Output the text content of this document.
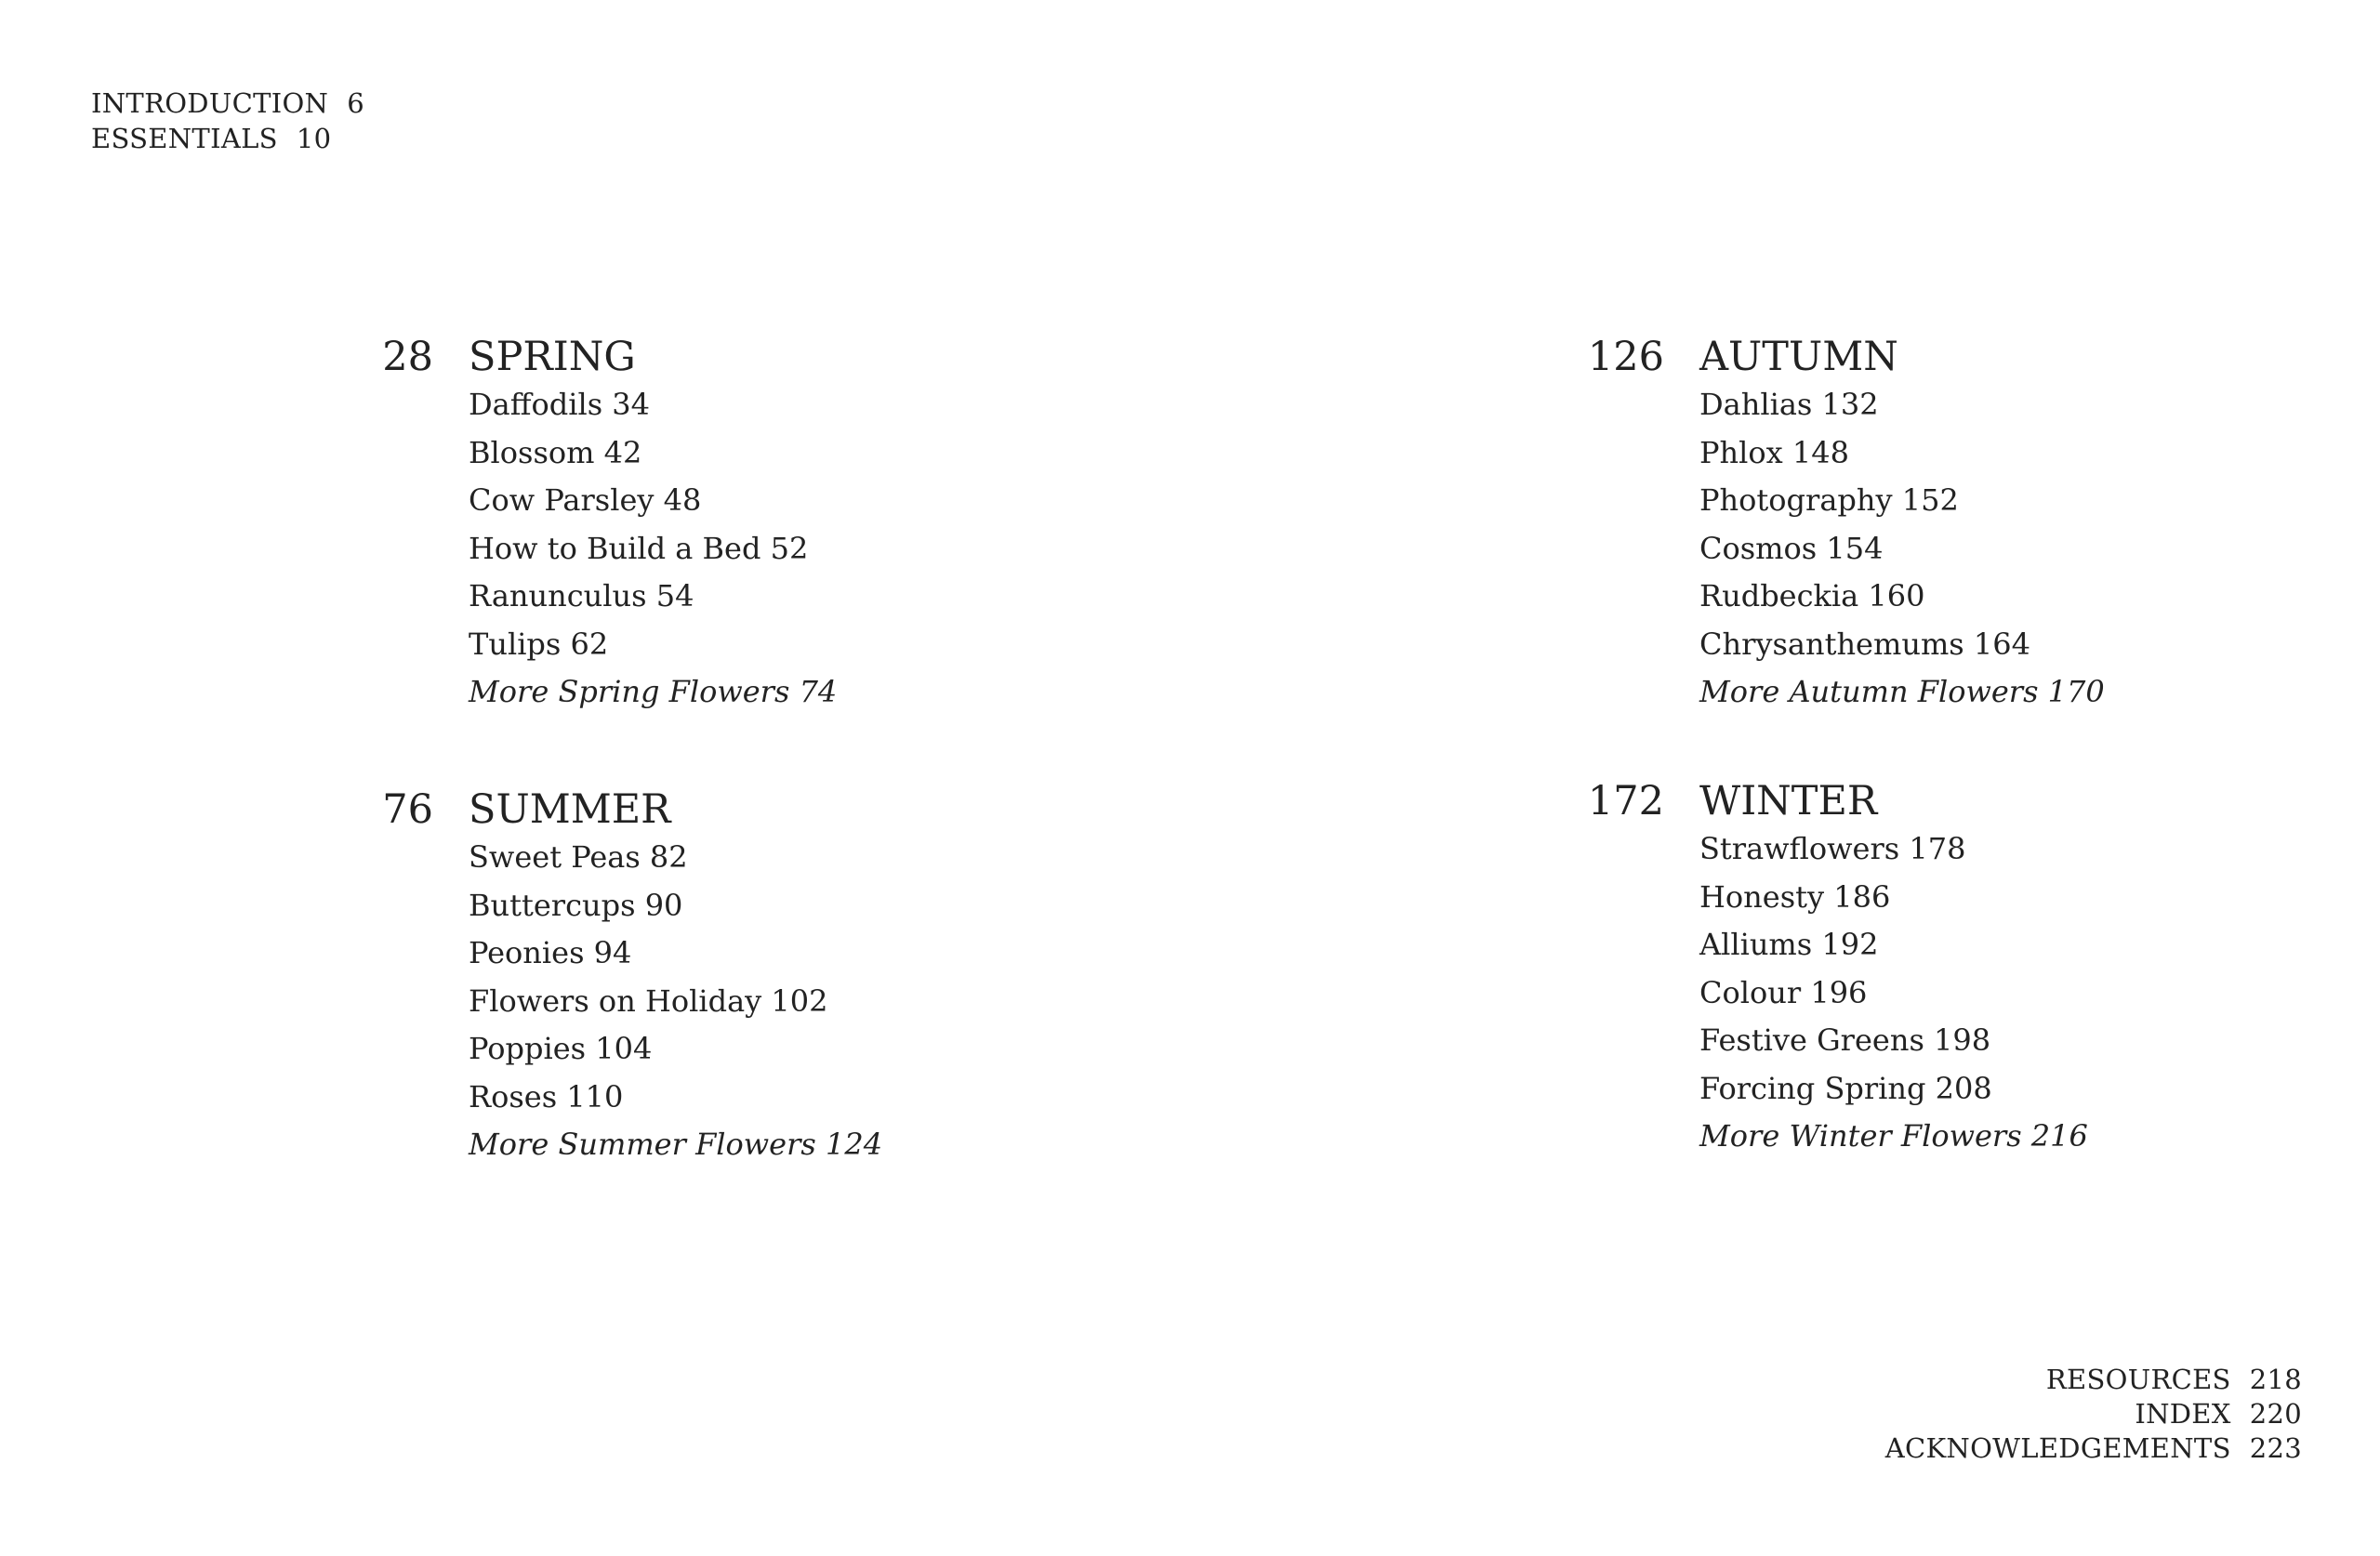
INTRODUCTION 6
ESSENTIALS 10
28 SPRING
Daffodils 34
Blossom 42
Cow Parsley 48
How to Build a Bed 52
Ranunculus 54
Tulips 62
More Spring Flowers 74
76 SUMMER
Sweet Peas 82
Buttercups 90
Peonies 94
Flowers on Holiday 102
Poppies 104
Roses 110
More Summer Flowers 124
126 AUTUMN
Dahlias 132
Phlox 148
Photography 152
Cosmos 154
Rudbeckia 160
Chrysanthemums 164
More Autumn Flowers 170
172 WINTER
Strawflowers 178
Honesty 186
Alliums 192
Colour 196
Festive Greens 198
Forcing Spring 208
More Winter Flowers 216
RESOURCES 218
INDEX 220
ACKNOWLEDGEMENTS 223
